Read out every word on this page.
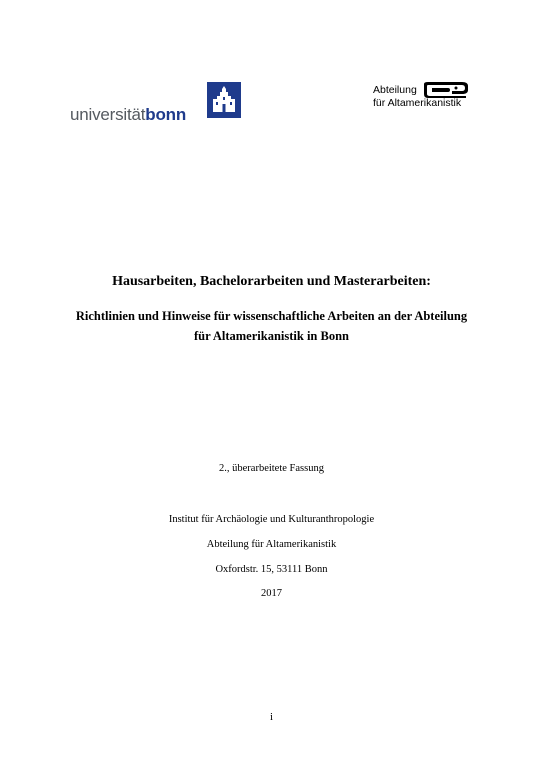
universitätbonn
Abteilung
für Altamerikanistik
Hausarbeiten, Bachelorarbeiten und Masterarbeiten:
Richtlinien und Hinweise für wissenschaftliche Arbeiten an der Abteilung
für Altamerikanistik in Bonn
2., überarbeitete Fassung
Institut für Archäologie und Kulturanthropologie
Abteilung für Altamerikanistik
Oxfordstr. 15, 53111 Bonn
2017
i
